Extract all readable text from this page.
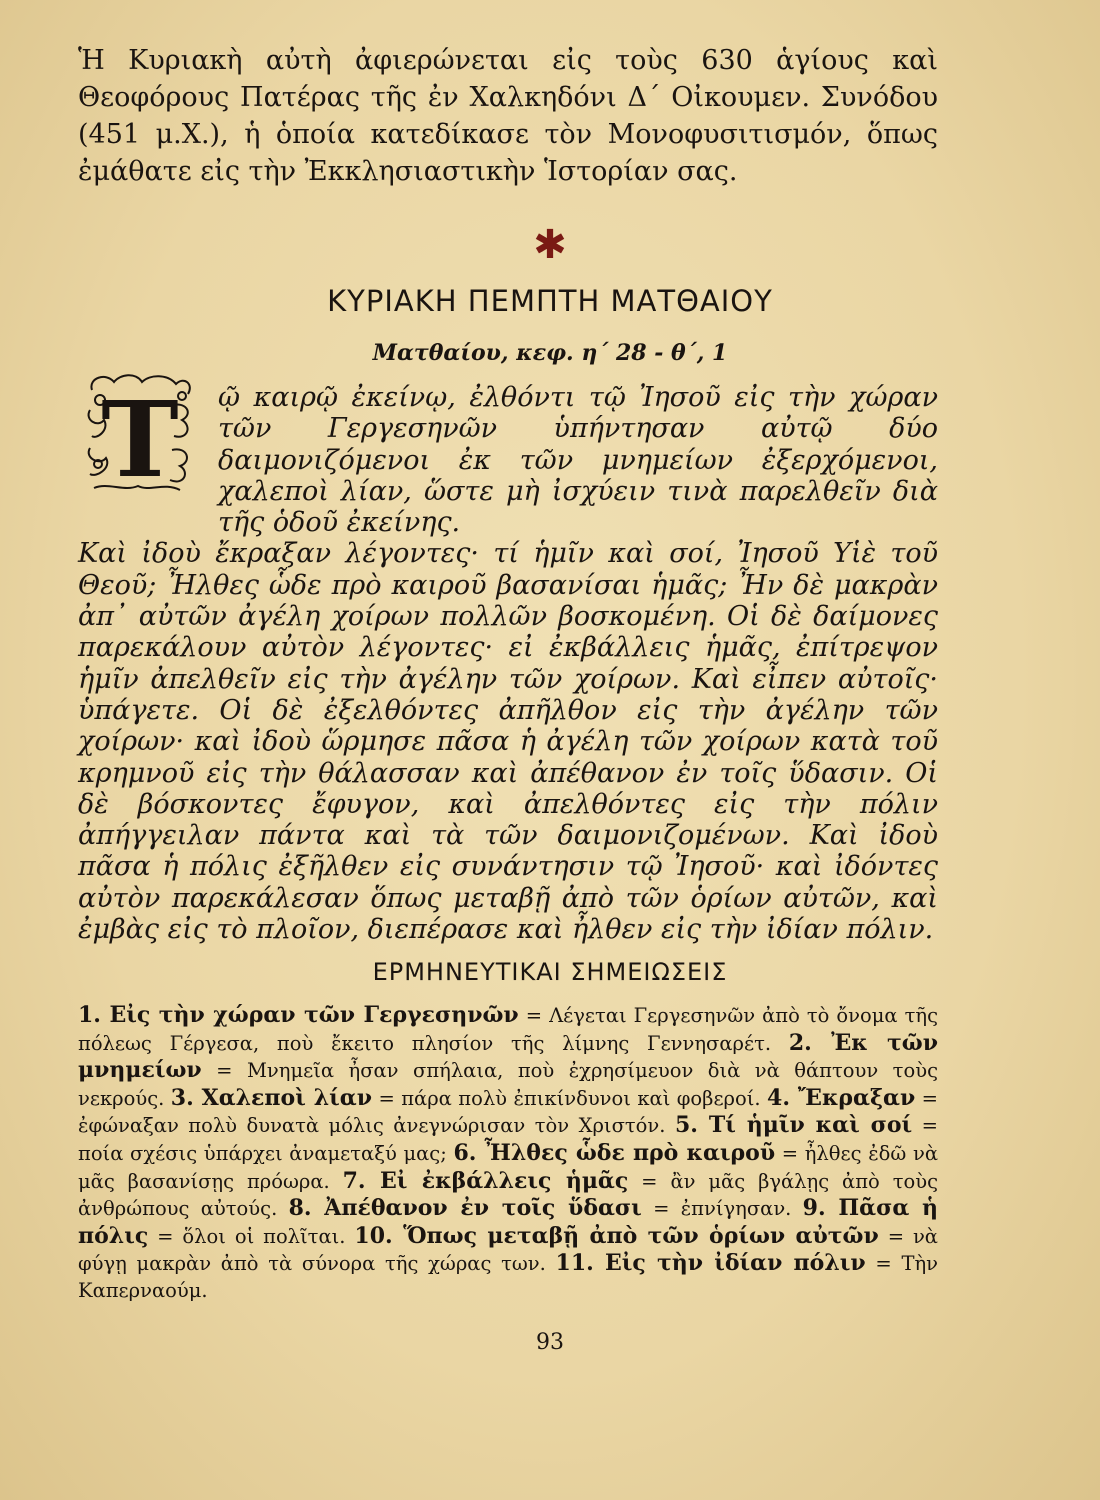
Ἡ Κυριακὴ αὐτὴ ἀφιερώνεται εἰς τοὺς 630 ἁγίους καὶ Θεοφόρους Πατέρας τῆς ἐν Χαλκηδόνι Δ΄ Οἰκουμεν. Συνόδου (451 μ.Χ.), ἡ ὁποία κατεδίκασε τὸν Μονοφυσιτισμόν, ὅπως ἐμάθατε εἰς τὴν Ἐκκλησιαστικὴν Ἱστορίαν σας.
✱
ΚΥΡΙΑΚΗ ΠΕΜΠΤΗ ΜΑΤΘΑΙΟΥ
Ματθαίου, κεφ. η΄ 28 - θ΄, 1
Τ	ῷ καιρῷ ἐκείνῳ, ἐλθόντι τῷ Ἰησοῦ εἰς τὴν χώραν τῶν Γεργεσηνῶν ὑπήντησαν αὐτῷ δύο δαιμονιζόμενοι ἐκ τῶν μνημείων ἐξερχόμενοι, χαλεποὶ λίαν, ὥστε μὴ ἰσχύειν τινὰ παρελθεῖν διὰ τῆς ὁδοῦ ἐκείνης.
Καὶ ἰδοὺ ἔκραξαν λέγοντες· τί ἡμῖν καὶ σοί, Ἰησοῦ Υἱὲ τοῦ Θεοῦ; Ἦλθες ὧδε πρὸ καιροῦ βασανίσαι ἡμᾶς; Ἦν δὲ μακρὰν ἀπ᾿ αὐτῶν ἀγέλη χοίρων πολλῶν βοσκομένη. Οἱ δὲ δαίμονες παρεκάλουν αὐτὸν λέγοντες· εἰ ἐκβάλλεις ἡμᾶς, ἐπίτρεψον ἡμῖν ἀπελθεῖν εἰς τὴν ἀγέλην τῶν χοίρων. Καὶ εἶπεν αὐτοῖς· ὑπάγετε. Οἱ δὲ ἐξελθόντες ἀπῆλθον εἰς τὴν ἀγέλην τῶν χοίρων· καὶ ἰδοὺ ὥρμησε πᾶσα ἡ ἀγέλη τῶν χοίρων κατὰ τοῦ κρημνοῦ εἰς τὴν θάλασσαν καὶ ἀπέθανον ἐν τοῖς ὕδασιν. Οἱ δὲ βόσκοντες ἔφυγον, καὶ ἀπελθόντες εἰς τὴν πόλιν ἀπήγγειλαν πάντα καὶ τὰ τῶν δαιμονιζομένων. Καὶ ἰδοὺ πᾶσα ἡ πόλις ἐξῆλθεν εἰς συνάντησιν τῷ Ἰησοῦ· καὶ ἰδόντες αὐτὸν παρεκάλεσαν ὅπως μεταβῇ ἀπὸ τῶν ὁρίων αὐτῶν, καὶ ἐμβὰς εἰς τὸ πλοῖον, διεπέρασε καὶ ἦλθεν εἰς τὴν ἰδίαν πόλιν.
ΕΡΜΗΝΕΥΤΙΚΑΙ ΣΗΜΕΙΩΣΕΙΣ
1. Εἰς τὴν χώραν τῶν Γεργεσηνῶν = Λέγεται Γεργεσηνῶν ἀπὸ τὸ ὄνομα τῆς πόλεως Γέργεσα, ποὺ ἔκειτο πλησίον τῆς λίμνης Γεννησαρέτ. 2. Ἐκ τῶν μνημείων = Μνημεῖα ἦσαν σπήλαια, ποὺ ἐχρησίμευον διὰ νὰ θάπτουν τοὺς νεκρούς. 3. Χαλεποὶ λίαν = πάρα πολὺ ἐπικίνδυνοι καὶ φοβεροί. 4. Ἔκραξαν = ἐφώναξαν πολὺ δυνατὰ μόλις ἀνεγνώρισαν τὸν Χριστόν. 5. Τί ἡμῖν καὶ σοί = ποία σχέσις ὑπάρχει ἀναμεταξύ μας; 6. Ἦλθες ὧδε πρὸ καιροῦ = ἦλθες ἐδῶ νὰ μᾶς βασανίσῃς πρόωρα. 7. Εἰ ἐκβάλλεις ἡμᾶς = ἂν μᾶς βγάλῃς ἀπὸ τοὺς ἀνθρώπους αὐτούς. 8. Ἀπέθανον ἐν τοῖς ὕδασι = ἐπνίγησαν. 9. Πᾶσα ἡ πόλις = ὅλοι οἱ πολῖται. 10. Ὅπως μεταβῇ ἀπὸ τῶν ὁρίων αὐτῶν = νὰ φύγῃ μακρὰν ἀπὸ τὰ σύνορα τῆς χώρας των. 11. Εἰς τὴν ἰδίαν πόλιν = Τὴν Καπερναούμ.
93
